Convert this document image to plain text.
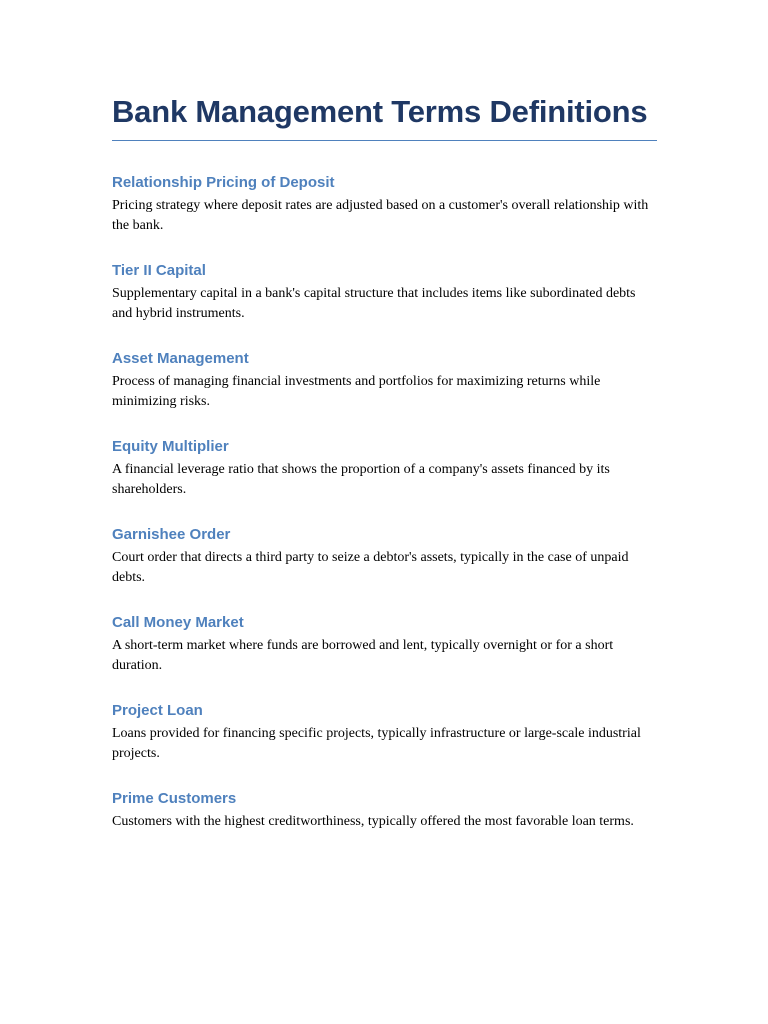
Bank Management Terms Definitions
Relationship Pricing of Deposit

Pricing strategy where deposit rates are adjusted based on a customer's overall relationship with the bank.

Tier II Capital

Supplementary capital in a bank's capital structure that includes items like subordinated debts and hybrid instruments.

Asset Management

Process of managing financial investments and portfolios for maximizing returns while minimizing risks.

Equity Multiplier

A financial leverage ratio that shows the proportion of a company's assets financed by its shareholders.

Garnishee Order

Court order that directs a third party to seize a debtor's assets, typically in the case of unpaid debts.

Call Money Market

A short-term market where funds are borrowed and lent, typically overnight or for a short duration.

Project Loan

Loans provided for financing specific projects, typically infrastructure or large-scale industrial projects.

Prime Customers

Customers with the highest creditworthiness, typically offered the most favorable loan terms.
